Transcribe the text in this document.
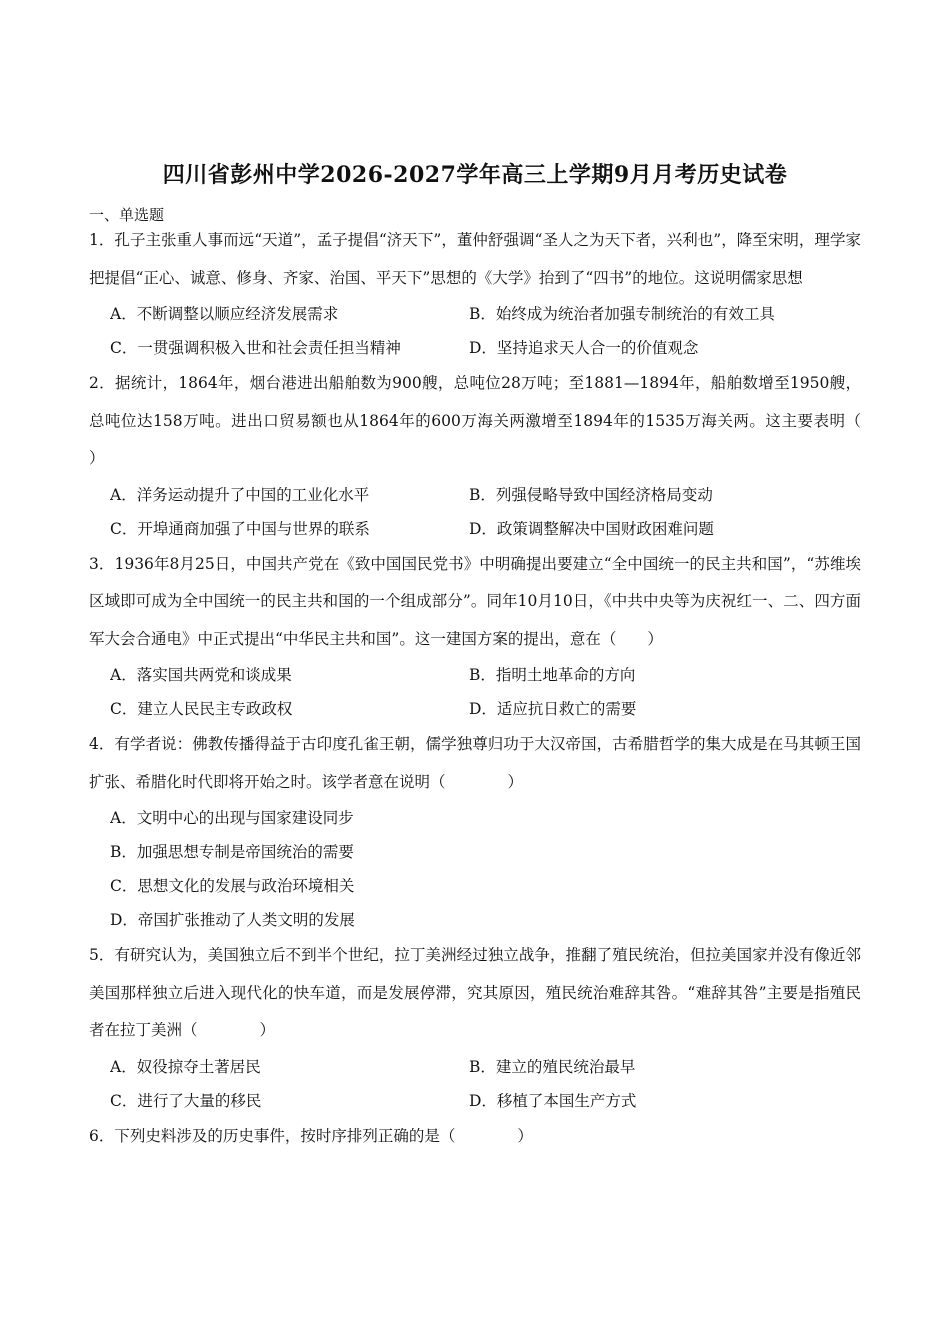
四川省彭州中学2026-2027学年高三上学期9月月考历史试卷
一、单选题
1．孔子主张重人事而远“天道”，孟子提倡“济天下”，董仲舒强调“圣人之为天下者，兴利也”，降至宋明，理学家把提倡“正心、诚意、修身、齐家、治国、平天下”思想的《大学》抬到了“四书”的地位。这说明儒家思想
A．不断调整以顺应经济发展需求	B．始终成为统治者加强专制统治的有效工具
C．一贯强调积极入世和社会责任担当精神	D．坚持追求天人合一的价值观念
2．据统计，1864年，烟台港进出船舶数为900艘，总吨位28万吨；至1881—1894年，船舶数增至1950艘，总吨位达158万吨。进出口贸易额也从1864年的600万海关两激增至1894年的1535万海关两。这主要表明（　　　　）
A．洋务运动提升了中国的工业化水平	B．列强侵略导致中国经济格局变动
C．开埠通商加强了中国与世界的联系	D．政策调整解决中国财政困难问题
3．1936年8月25日，中国共产党在《致中国国民党书》中明确提出要建立“全中国统一的民主共和国”，“苏维埃区域即可成为全中国统一的民主共和国的一个组成部分”。同年10月10日，《中共中央等为庆祝红一、二、四方面军大会合通电》中正式提出“中华民主共和国”。这一建国方案的提出，意在（　　）
A．落实国共两党和谈成果	B．指明土地革命的方向
C．建立人民民主专政政权	D．适应抗日救亡的需要
4．有学者说：佛教传播得益于古印度孔雀王朝，儒学独尊归功于大汉帝国，古希腊哲学的集大成是在马其顿王国扩张、希腊化时代即将开始之时。该学者意在说明（　　　　）
A．文明中心的出现与国家建设同步
B．加强思想专制是帝国统治的需要
C．思想文化的发展与政治环境相关
D．帝国扩张推动了人类文明的发展
5．有研究认为，美国独立后不到半个世纪，拉丁美洲经过独立战争，推翻了殖民统治，但拉美国家并没有像近邻美国那样独立后进入现代化的快车道，而是发展停滞，究其原因，殖民统治难辞其咎。“难辞其咎”主要是指殖民者在拉丁美洲（　　　　）
A．奴役掠夺土著居民	B．建立的殖民统治最早
C．进行了大量的移民	D．移植了本国生产方式
6．下列史料涉及的历史事件，按时序排列正确的是（　　　　）
